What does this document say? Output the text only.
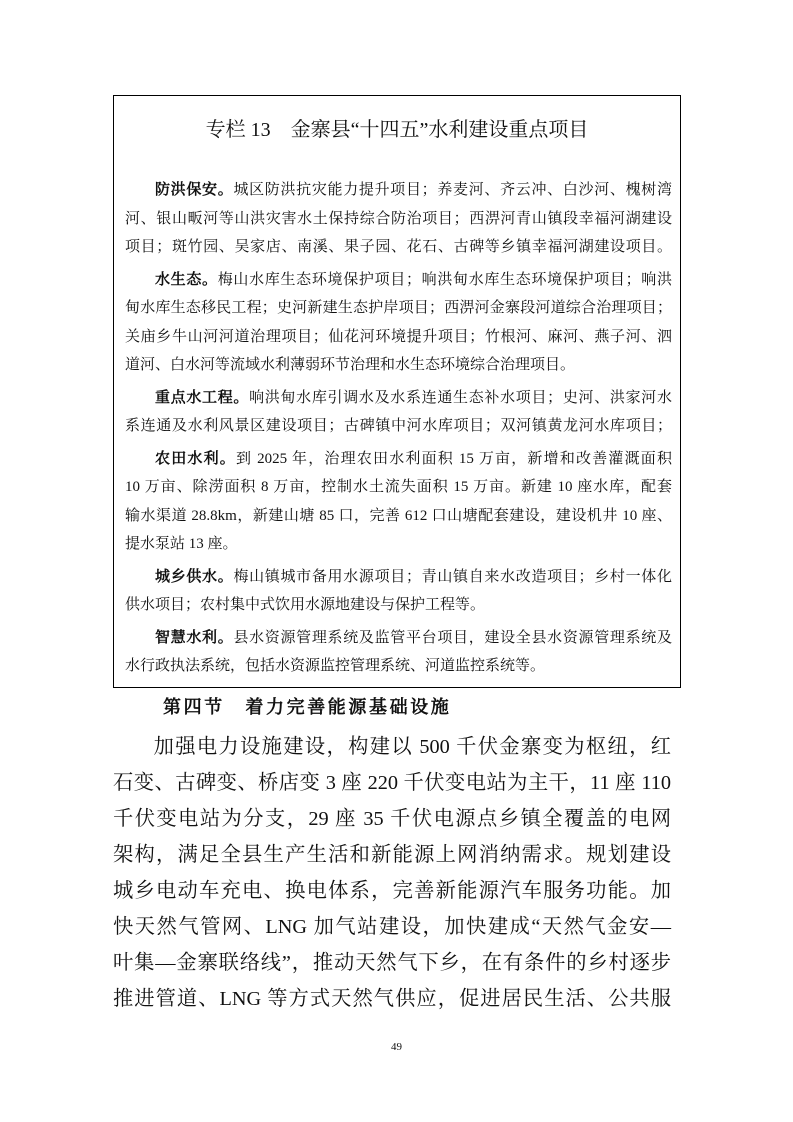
专栏 13　金寨县“十四五”水利建设重点项目
防洪保安。城区防洪抗灾能力提升项目；养麦河、齐云冲、白沙河、槐树湾
河、银山畈河等山洪灾害水土保持综合防治项目；西淠河青山镇段幸福河湖建设
项目；斑竹园、吴家店、南溪、果子园、花石、古碑等乡镇幸福河湖建设项目。
水生态。梅山水库生态环境保护项目；响洪甸水库生态环境保护项目；响洪
甸水库生态移民工程；史河新建生态护岸项目；西淠河金寨段河道综合治理项目；
关庙乡牛山河河道治理项目；仙花河环境提升项目；竹根河、麻河、燕子河、泗
道河、白水河等流域水利薄弱环节治理和水生态环境综合治理项目。
重点水工程。响洪甸水库引调水及水系连通生态补水项目；史河、洪家河水
系连通及水利风景区建设项目；古碑镇中河水库项目；双河镇黄龙河水库项目；
农田水利。到 2025 年，治理农田水利面积 15 万亩，新增和改善灌溉面积
10 万亩、除涝面积 8 万亩，控制水土流失面积 15 万亩。新建 10 座水库，配套
输水渠道 28.8km，新建山塘 85 口，完善 612 口山塘配套建设，建设机井 10 座、
提水泵站 13 座。
城乡供水。梅山镇城市备用水源项目；青山镇自来水改造项目；乡村一体化
供水项目；农村集中式饮用水源地建设与保护工程等。
智慧水利。县水资源管理系统及监管平台项目，建设全县水资源管理系统及
水行政执法系统，包括水资源监控管理系统、河道监控系统等。
第四节　着力完善能源基础设施
加强电力设施建设，构建以 500 千伏金寨变为枢纽，红
石变、古碑变、桥店变 3 座 220 千伏变电站为主干，11 座 110
千伏变电站为分支，29 座 35 千伏电源点乡镇全覆盖的电网
架构，满足全县生产生活和新能源上网消纳需求。规划建设
城乡电动车充电、换电体系，完善新能源汽车服务功能。加
快天然气管网、LNG 加气站建设，加快建成“天然气金安—
叶集—金寨联络线”，推动天然气下乡，在有条件的乡村逐步
推进管道、LNG 等方式天然气供应，促进居民生活、公共服
49
